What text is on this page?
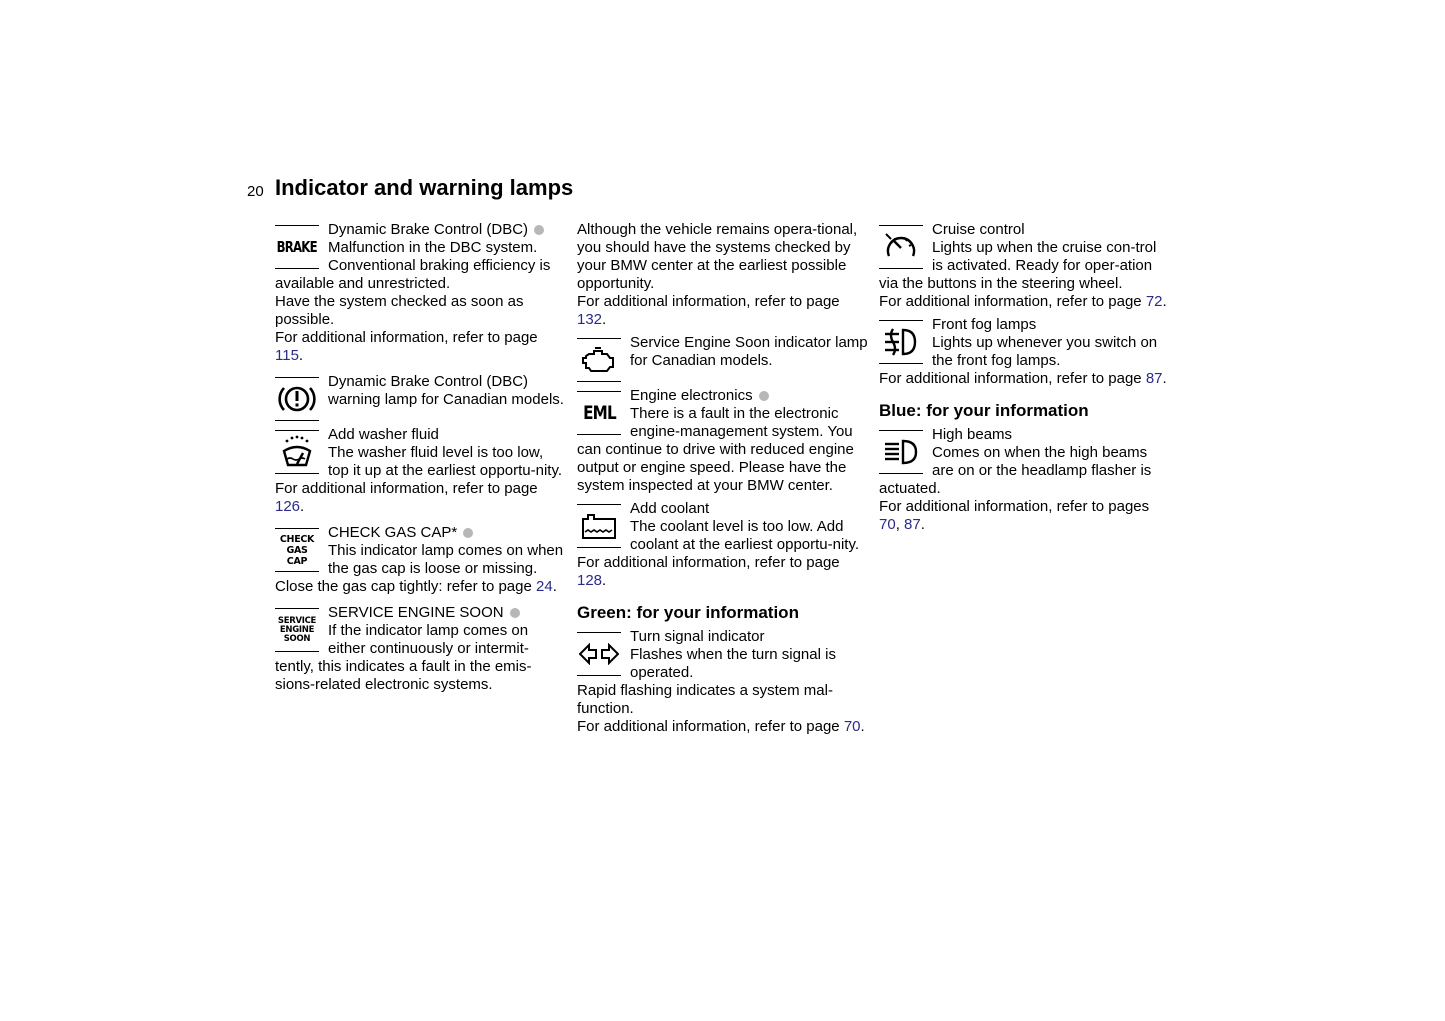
20 Indicator and warning lamps
BRAKE

Dynamic Brake Control (DBC) Malfunction in the DBC system. Conventional braking efficiency is available and unrestricted.

Have the system checked as soon as possible.

For additional information, refer to page 115.

Dynamic Brake Control (DBC) warning lamp for Canadian models.

Add washer fluid
The washer fluid level is too low, top it up at the earliest opportu-nity.

For additional information, refer to page 126.

CHECK
GAS CAP

CHECK GAS CAP*
This indicator lamp comes on when the gas cap is loose or missing.

Close the gas cap tightly: refer to page 24.

SERVICE
ENGINE
SOON

SERVICE ENGINE SOON
If the indicator lamp comes on either continuously or intermit-tently, this indicates a fault in the emis-sions-related electronic systems.

Although the vehicle remains opera-tional, you should have the systems checked by your BMW center at the earliest possible opportunity.

For additional information, refer to page 132.

Service Engine Soon indicator lamp for Canadian models.

EML

Engine electronics
There is a fault in the electronic engine-management system. You can continue to drive with reduced engine output or engine speed. Please have the system inspected at your BMW center.

Add coolant
The coolant level is too low. Add coolant at the earliest opportu-nity.

For additional information, refer to page 128.

Green: for your information

Turn signal indicator
Flashes when the turn signal is operated.

Rapid flashing indicates a system mal-function.

For additional information, refer to page 70.

Cruise control
Lights up when the cruise con-trol is activated. Ready for oper-ation via the buttons in the steering wheel.

For additional information, refer to page 72.

Front fog lamps
Lights up whenever you switch on the front fog lamps.

For additional information, refer to page 87.

Blue: for your information

High beams
Comes on when the high beams are on or the headlamp flasher is actuated.

For additional information, refer to pages 70, 87.
